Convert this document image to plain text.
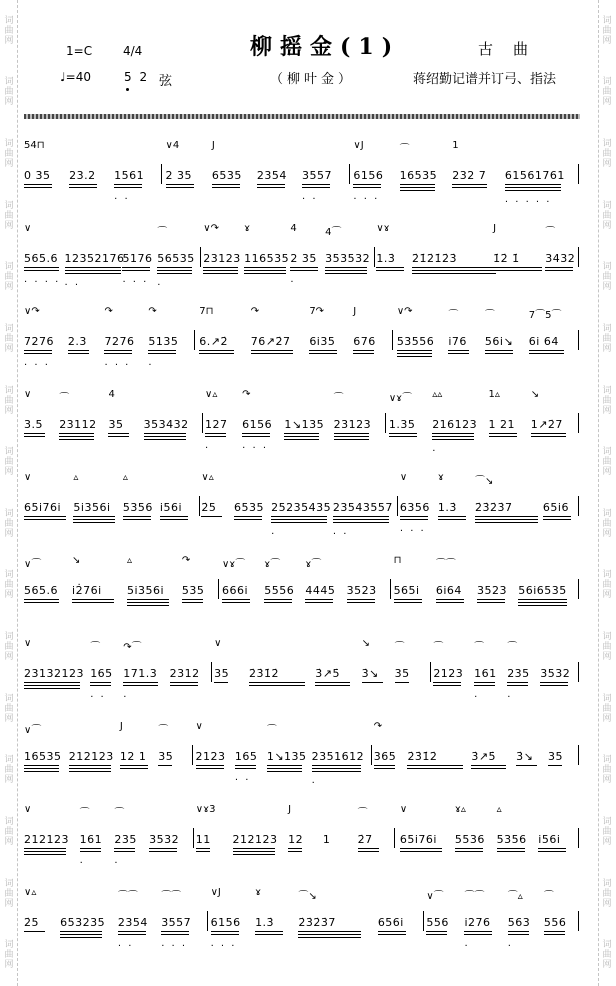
词
曲
网
词
曲
网
词
曲
网
词
曲
网
词
曲
网
词
曲
网
词
曲
网
词
曲
网
词
曲
网
词
曲
网
词
曲
网
词
曲
网
词
曲
网
词
曲
网
词
曲
网
词
曲
网
词
曲
网
词
曲
网
词
曲
网
词
曲
网
词
曲
网
词
曲
网
词
曲
网
词
曲
网
词
曲
网
词
曲
网
词
曲
网
词
曲
网
词
曲
网
词
曲
网
词
曲
网
词
曲
网
1=C	4/4
♩=40	5 2 弦
柳摇金(1)
（柳叶金）
古曲
蒋绍勤记谱并订弓、指法
54⊓
0 35 23.2 1561
. .
∨4
2 35
J
6535 2354 3557
. .
∨J
6156
. . .
⌒
16535
1
232 7 61561761
. . . . .
∨
565.6
. . . .
12352176
. .
5176
. . .
⌒
56535
.
∨↷
23123
ɤ
116535
4
2 35
.
4⌒
353532
∨ɤ
1.3̇ 2̇1̇2̇1̇2̇3̇
J
1̇2̇ 1̇
⌒
3432
∨↷
7276
. . .
2.3
↷
7276
. . .
↷
5135
.
7⊓
6.↗2̇
↷
76↗2̇7
7↷
6i35
J
676
∨↷
53556
⌒
i76
⌒
56i↘
7⌒5⌒
6i 64
∨
3.5
⌒
23112
4
35 353432
∨▵
127
.
↷
6156
. . .
1↘135
⌒
23123
∨ɤ⌒
1.35
▵▵
216123
.
1▵
1 21
↘
1↗2̇7
∨
65i76i
▵
5i356i
▵
5356 i56i
∨▵
2̇5 6535 25235435
.
23543557
. .
∨
6356
. . .
ɤ
1.3̇
⌒↘
2̇3̇2̇3̇7	65i6
∨⌒
565.6
↘
i2̇76i
▵
5i356i
↷
535
∨ɤ⌒
666i
ɤ⌒
5556
ɤ⌒
4445 3523
⊓
565i
⌒⌒
6i64 3523 56i6535
∨
23132123
⌒
165
. .
↷⌒
171.3
.
2312
∨
35 2̇3̇1̇2̇	3̇↗5̇
↘
3̇↘
⌒
35
⌒
2123
⌒
161
.
⌒
235
.
3532
∨⌒
16535 212123
J
12 1
⌒
35
∨
2123 165
. .
⌒
1↘135 2351612
.
↷
365 2̇3̇1̇2̇	3̇↗5̇ 3̇↘ 35
∨
212123
⌒
161
.
⌒
235
.
3532
∨ɤ3
11 212123
J
12 1
⌒
2̇7
∨
65i76i
ɤ▵
5536
▵
5356 i56i
∨▵
2̇5 653235
⌒⌒
2354
. .
⌒⌒
3557
. . .
∨J
6156
. . .
ɤ
1.3̇
⌒↘
2̇3̇2̇3̇7	656i
∨⌒
556
⌒⌒
i276
.
⌒▵
563
.
⌒
556
